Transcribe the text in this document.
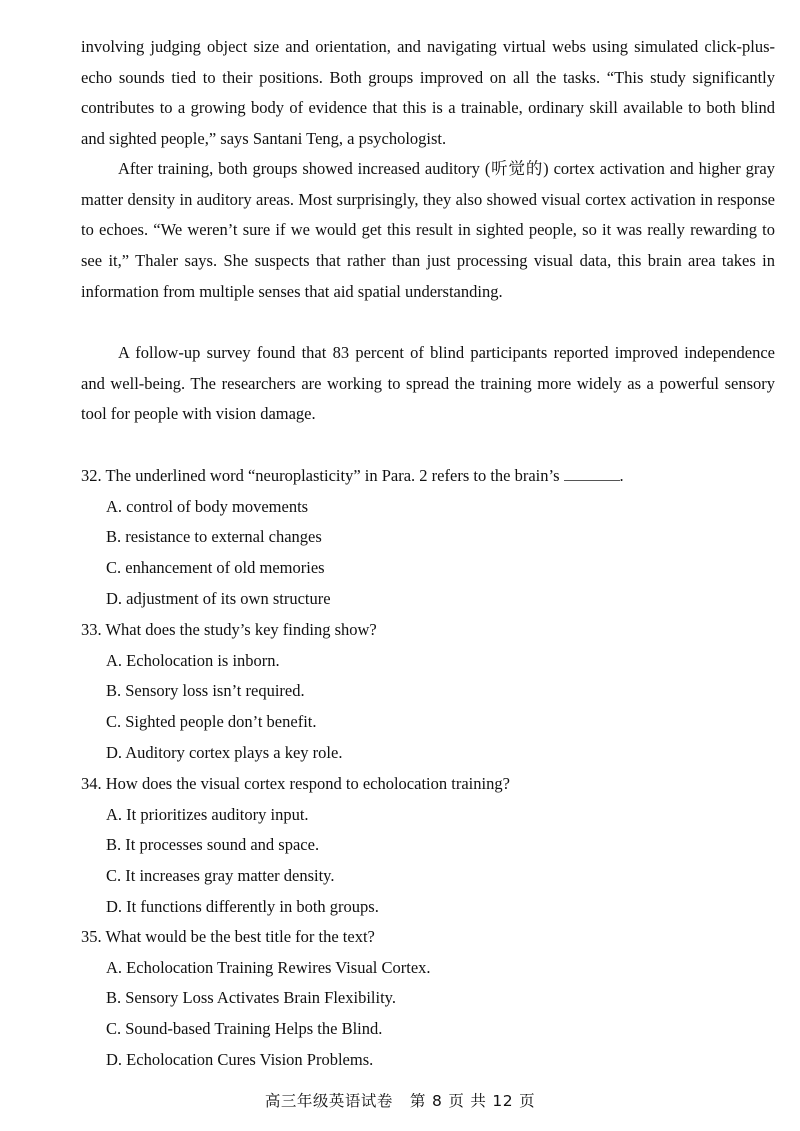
involving judging object size and orientation, and navigating virtual webs using simulated click-plus-echo sounds tied to their positions. Both groups improved on all the tasks. “This study significantly contributes to a growing body of evidence that this is a trainable, ordinary skill available to both blind and sighted people,” says Santani Teng, a psychologist.

After training, both groups showed increased auditory (听觉的) cortex activation and higher gray matter density in auditory areas. Most surprisingly, they also showed visual cortex activation in response to echoes. “We weren’t sure if we would get this result in sighted people, so it was really rewarding to see it,” Thaler says. She suspects that rather than just processing visual data, this brain area takes in information from multiple senses that aid spatial understanding.

A follow-up survey found that 83 percent of blind participants reported improved independence and well-being. The researchers are working to spread the training more widely as a powerful sensory tool for people with vision damage.

32. The underlined word “neuroplasticity” in Para. 2 refers to the brain’s	.
A. control of body movements
B. resistance to external changes
C. enhancement of old memories
D. adjustment of its own structure
33. What does the study’s key finding show?
A. Echolocation is inborn.
B. Sensory loss isn’t required.
C. Sighted people don’t benefit.
D. Auditory cortex plays a key role.
34. How does the visual cortex respond to echolocation training?
A. It prioritizes auditory input.
B. It processes sound and space.
C. It increases gray matter density.
D. It functions differently in both groups.
35. What would be the best title for the text?
A. Echolocation Training Rewires Visual Cortex.
B. Sensory Loss Activates Brain Flexibility.
C. Sound-based Training Helps the Blind.
D. Echolocation Cures Vision Problems.
高三年级英语试卷 第 8 页 共 12 页
